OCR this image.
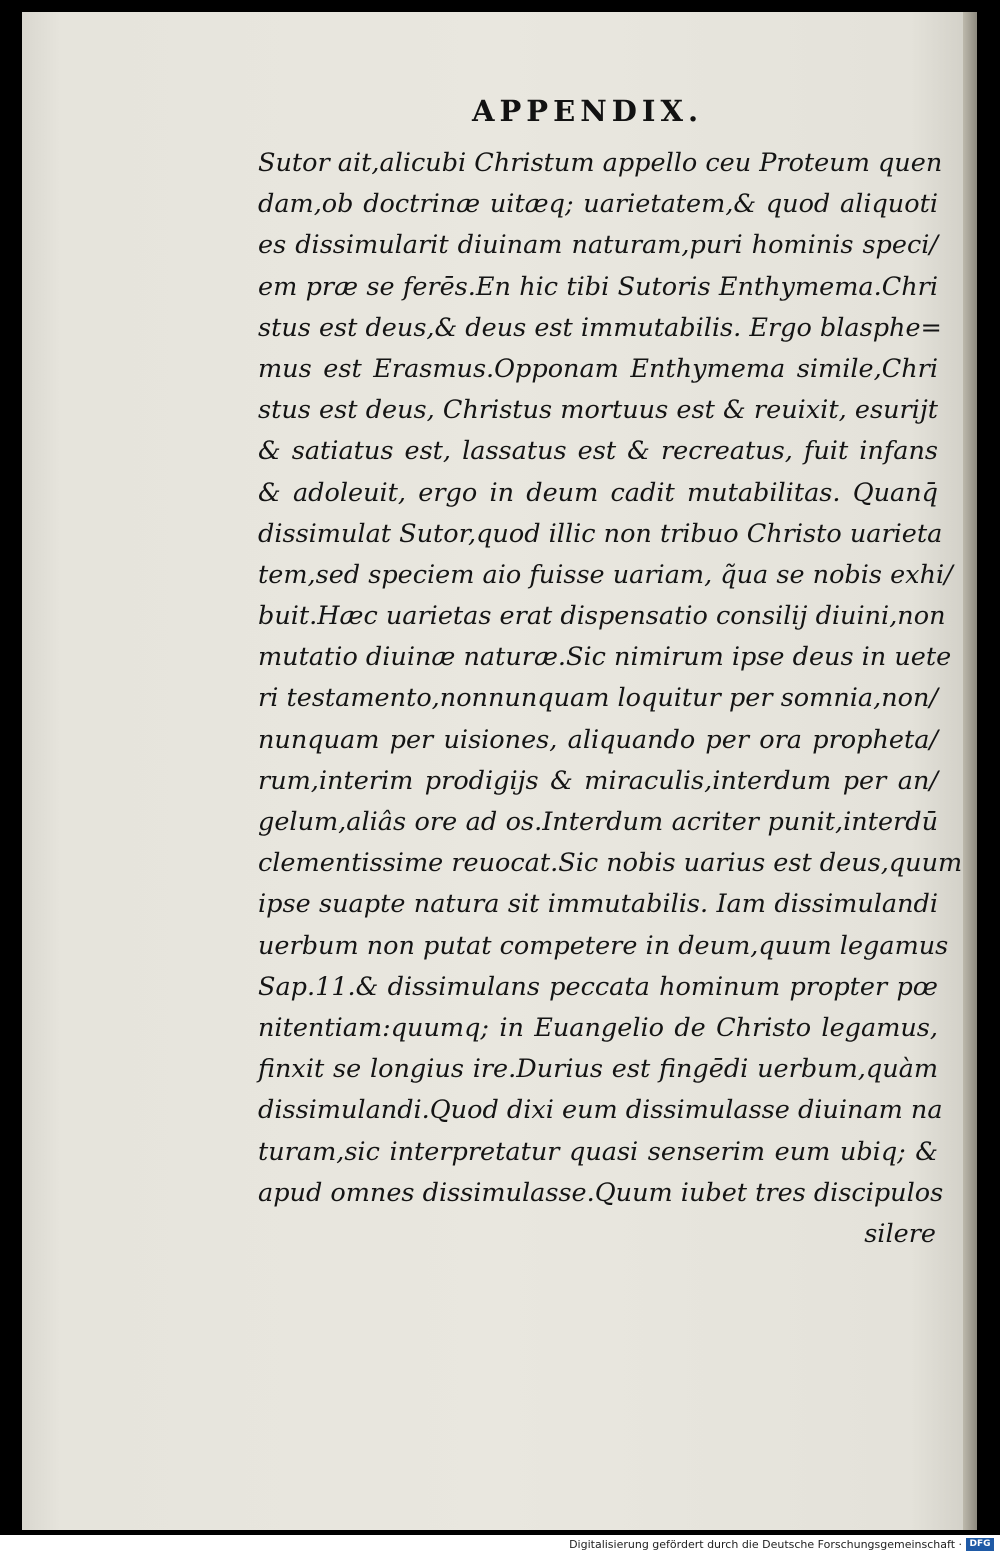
APPENDIX.
Sutor ait,alicubi Christum appello ceu Proteum quen
dam,ob doctrinæ uitæq; uarietatem,& quod aliquoti
es dissimularit diuinam naturam,puri hominis speci/
em præ se ferēs.En hic tibi Sutoris Enthymema.Chri
stus est deus,& deus est immutabilis. Ergo blasphe=
mus est Erasmus.Opponam Enthymema simile,Chri
stus est deus, Christus mortuus est & reuixit, esurijt
& satiatus est, lassatus est & recreatus, fuit infans
& adoleuit, ergo in deum cadit mutabilitas. Quanq̄
dissimulat Sutor,quod illic non tribuo Christo uarieta
tem,sed speciem aio fuisse uariam, q̃ua se nobis exhi/
buit.Hæc uarietas erat dispensatio consilij diuini,non
mutatio diuinæ naturæ.Sic nimirum ipse deus in uete
ri testamento,nonnunquam loquitur per somnia,non/
nunquam per uisiones, aliquando per ora propheta/
rum,interim prodigijs & miraculis,interdum per an/
gelum,aliâs ore ad os.Interdum acriter punit,interdū
clementissime reuocat.Sic nobis uarius est deus,quum
ipse suapte natura sit immutabilis. Iam dissimulandi
uerbum non putat competere in deum,quum legamus
Sap.11.& dissimulans peccata hominum propter pœ
nitentiam:quumq; in Euangelio de Christo legamus,
finxit se longius ire.Durius est fingēdi uerbum,quàm
dissimulandi.Quod dixi eum dissimulasse diuinam na
turam,sic interpretatur quasi senserim eum ubiq; &
apud omnes dissimulasse.Quum iubet tres discipulos
silere
Digitalisierung gefördert durch die Deutsche Forschungsgemeinschaft · DFG
